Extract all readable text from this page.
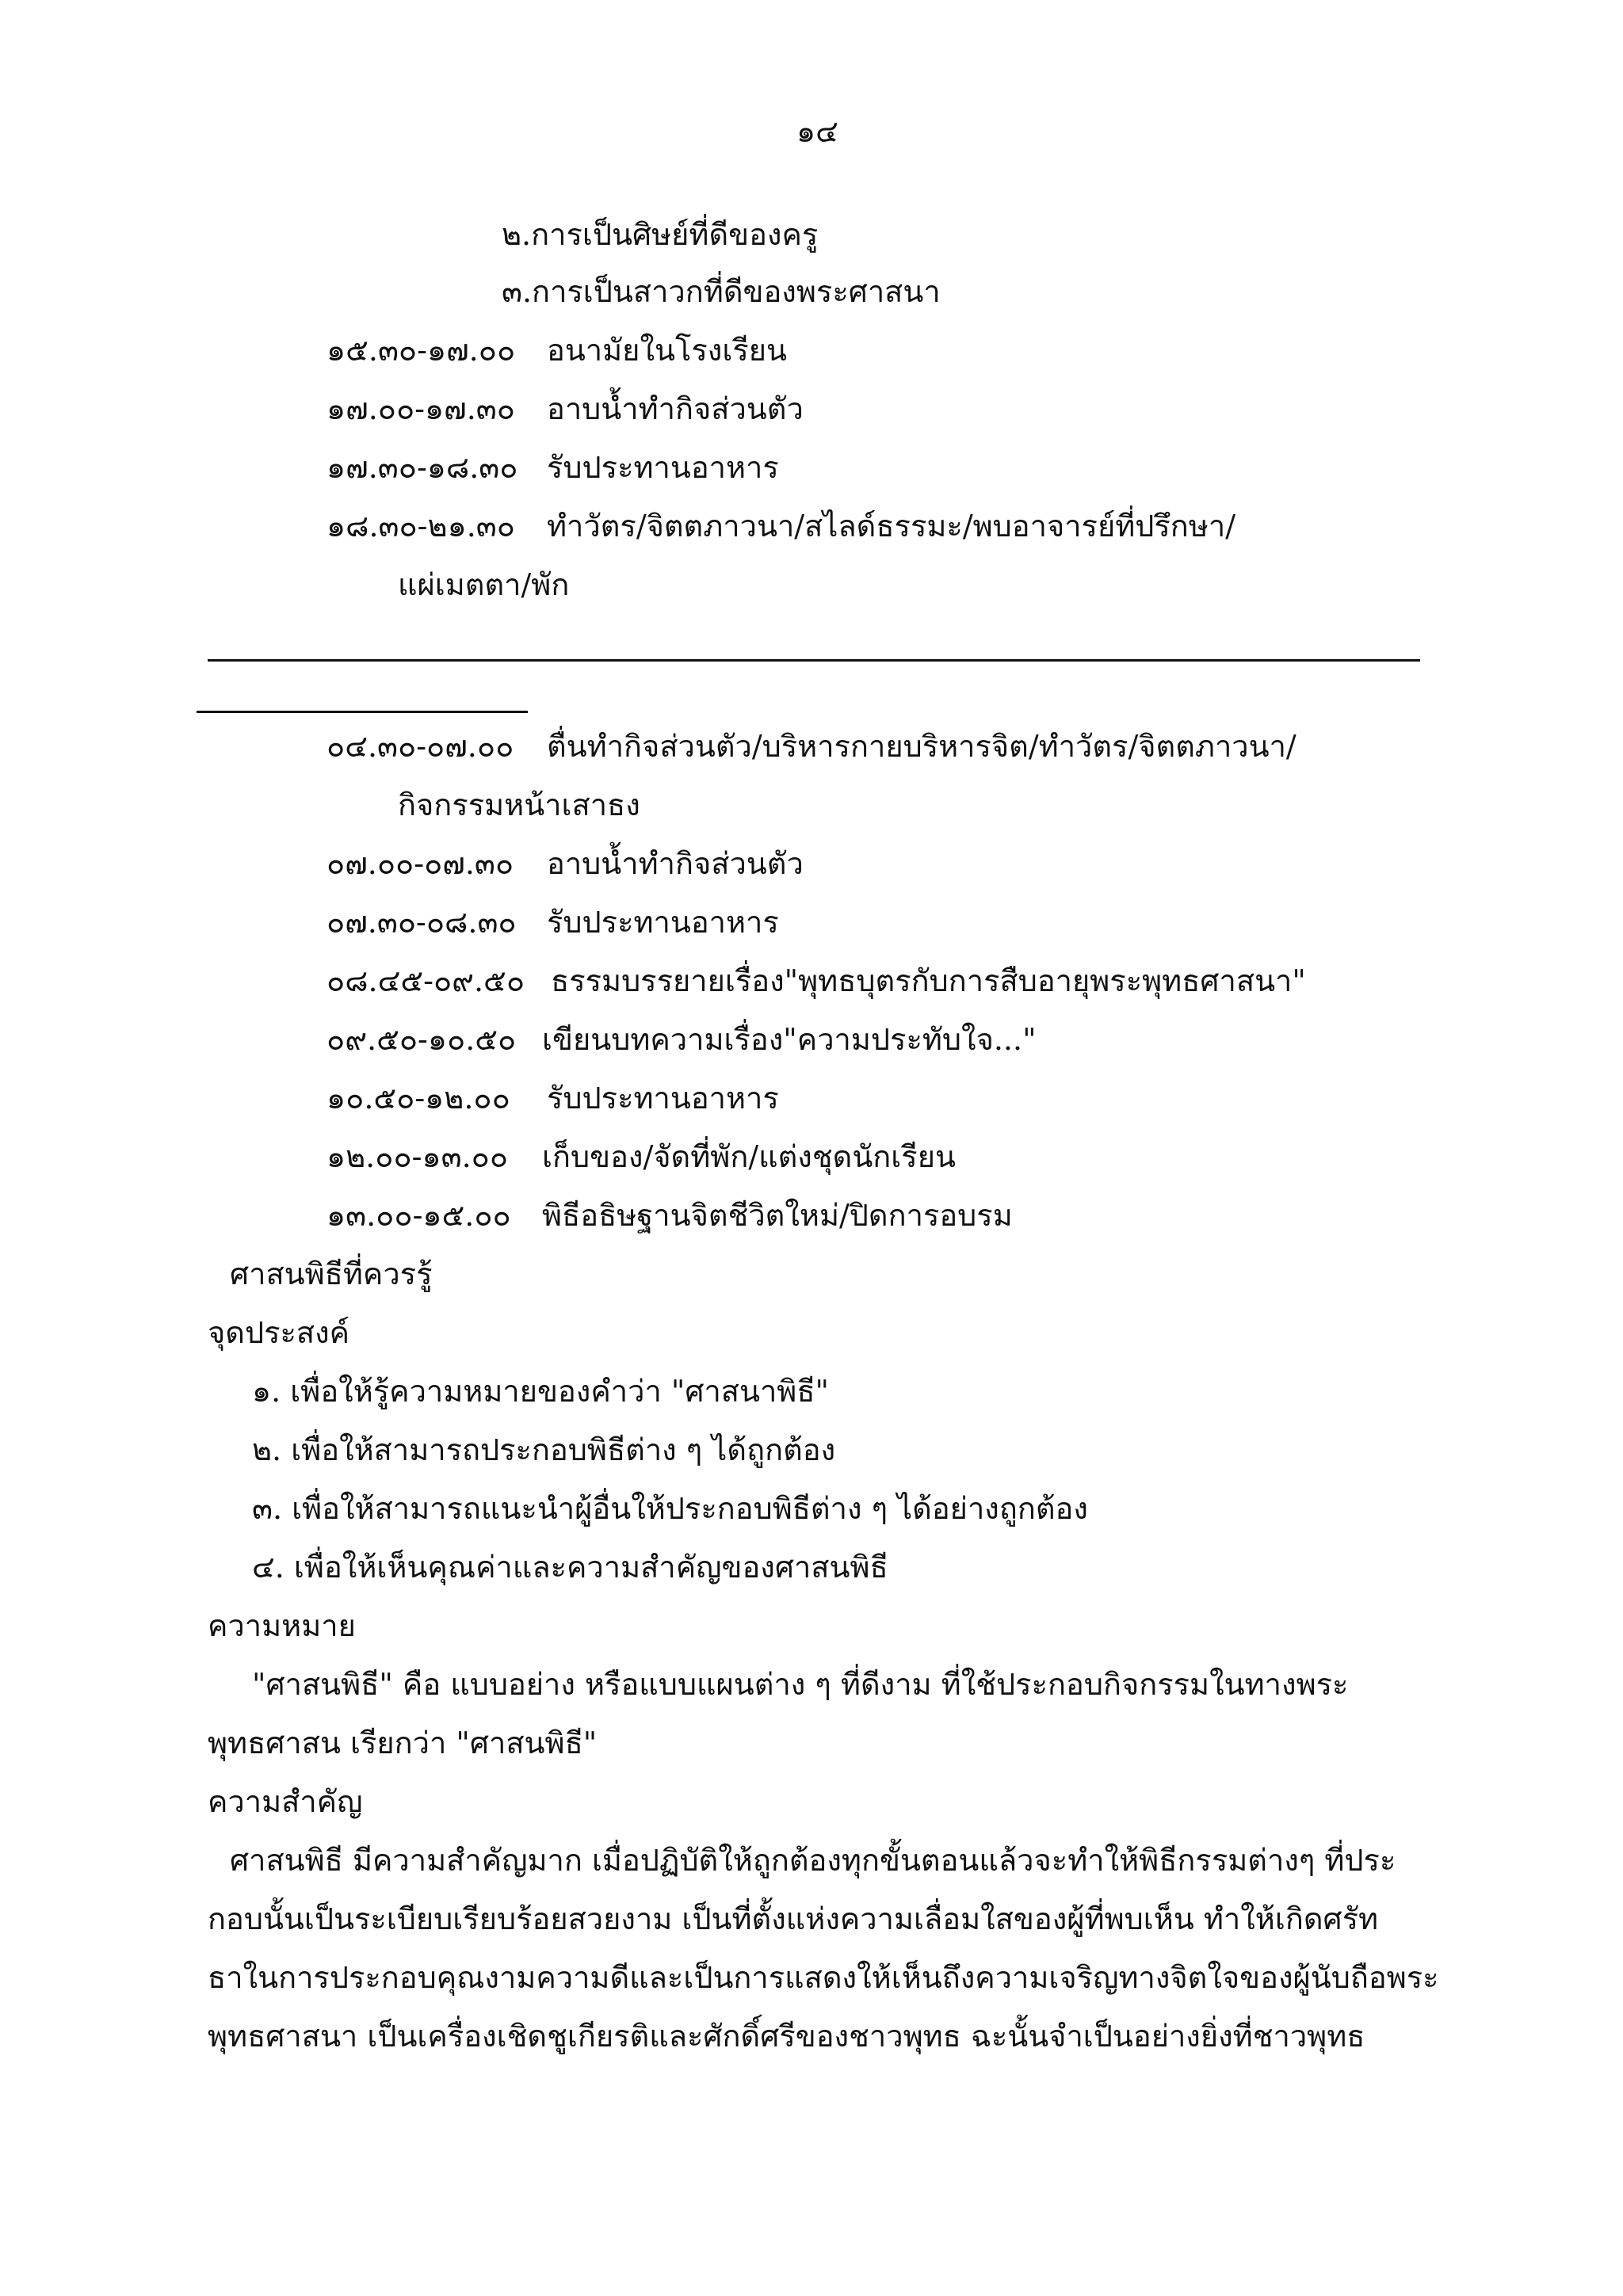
๑๔
๒.การเป็นศิษย์ที่ดีของครู
๓.การเป็นสาวกที่ดีของพระศาสนา
๑๕.๓๐-๑๗.๐๐ อนามัยในโรงเรียน
๑๗.๐๐-๑๗.๓๐ อาบน้ำทำกิจส่วนตัว
๑๗.๓๐-๑๘.๓๐ รับประทานอาหาร
๑๘.๓๐-๒๑.๓๐ ทำวัตร/จิตตภาวนา/สไลด์ธรรมะ/พบอาจารย์ที่ปรึกษา/
แผ่เมตตา/พัก
๐๔.๓๐-๐๗.๐๐ ตื่นทำกิจส่วนตัว/บริหารกายบริหารจิต/ทำวัตร/จิตตภาวนา/
กิจกรรมหน้าเสาธง
๐๗.๐๐-๐๗.๓๐ อาบน้ำทำกิจส่วนตัว
๐๗.๓๐-๐๘.๓๐ รับประทานอาหาร
๐๘.๔๕-๐๙.๕๐ ธรรมบรรยายเรื่อง"พุทธบุตรกับการสืบอายุพระพุทธศาสนา"
๐๙.๕๐-๑๐.๕๐ เขียนบทความเรื่อง"ความประทับใจ..."
๑๐.๕๐-๑๒.๐๐ รับประทานอาหาร
๑๒.๐๐-๑๓.๐๐ เก็บของ/จัดที่พัก/แต่งชุดนักเรียน
๑๓.๐๐-๑๕.๐๐ พิธีอธิษฐานจิตชีวิตใหม่/ปิดการอบรม
ศาสนพิธีที่ควรรู้
จุดประสงค์
๑. เพื่อให้รู้ความหมายของคำว่า "ศาสนาพิธี"
๒. เพื่อให้สามารถประกอบพิธีต่าง ๆ ได้ถูกต้อง
๓. เพื่อให้สามารถแนะนำผู้อื่นให้ประกอบพิธีต่าง ๆ ได้อย่างถูกต้อง
๔. เพื่อให้เห็นคุณค่าและความสำคัญของศาสนพิธี
ความหมาย
"ศาสนพิธี" คือ แบบอย่าง หรือแบบแผนต่าง ๆ ที่ดีงาม ที่ใช้ประกอบกิจกรรมในทางพระ
พุทธศาสน เรียกว่า "ศาสนพิธี"
ความสำคัญ
ศาสนพิธี มีความสำคัญมาก เมื่อปฏิบัติให้ถูกต้องทุกขั้นตอนแล้วจะทำให้พิธีกรรมต่างๆ ที่ประ
กอบนั้นเป็นระเบียบเรียบร้อยสวยงาม เป็นที่ตั้งแห่งความเลื่อมใสของผู้ที่พบเห็น ทำให้เกิดศรัท
ธาในการประกอบคุณงามความดีและเป็นการแสดงให้เห็นถึงความเจริญทางจิตใจของผู้นับถือพระ
พุทธศาสนา เป็นเครื่องเชิดชูเกียรติและศักดิ์ศรีของชาวพุทธ ฉะนั้นจำเป็นอย่างยิ่งที่ชาวพุทธ
